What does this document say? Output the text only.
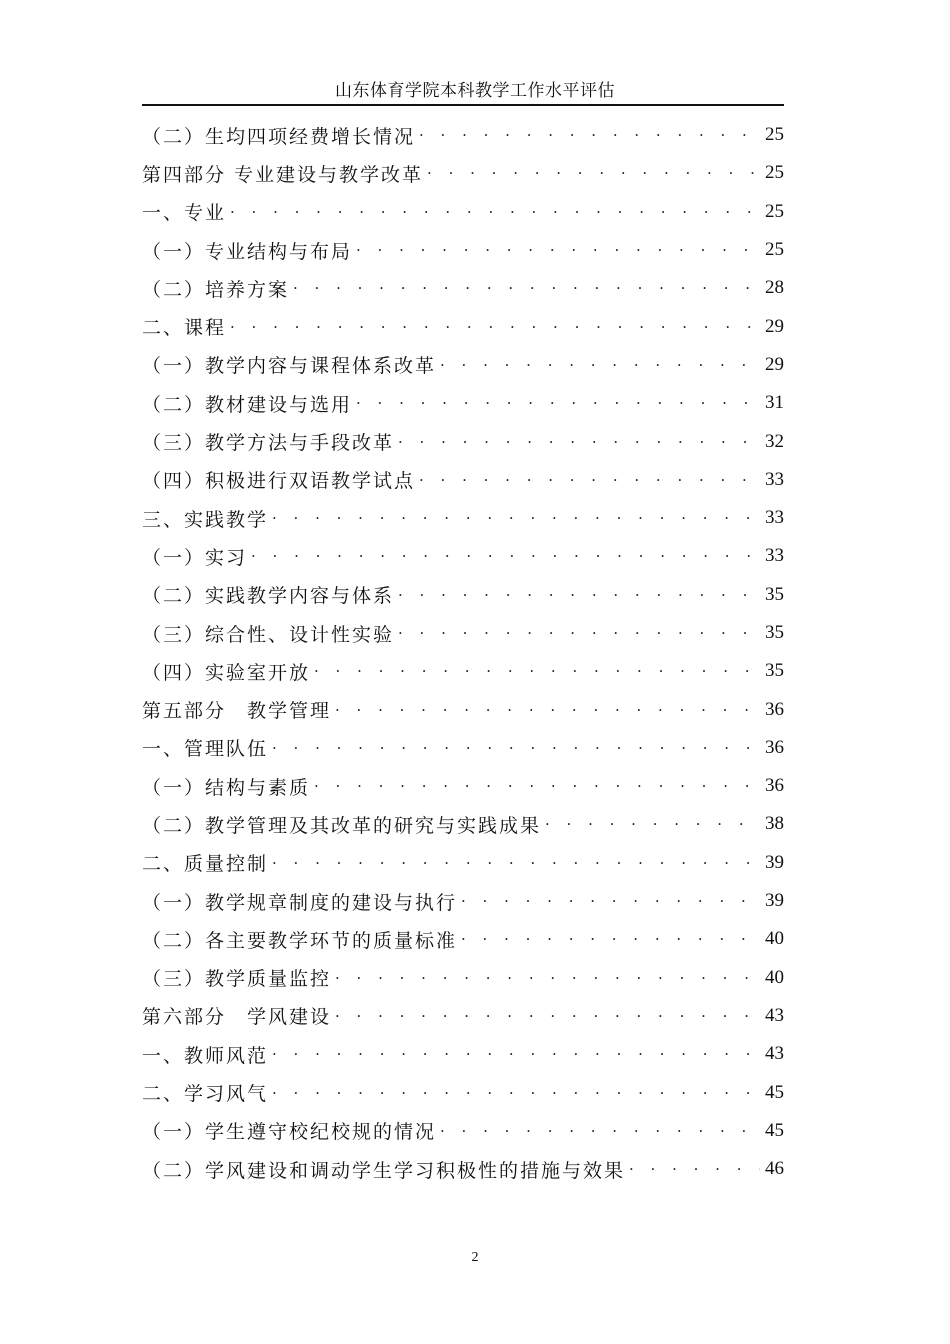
山东体育学院本科教学工作水平评估
（二）生均四项经费增长情况 · · ·	25
第四部分 专业建设与教学改革 · · ·	25
一、专业 · · ·	25
（一）专业结构与布局 · · ·	25
（二）培养方案 · · ·	28
二、课程 · · ·	29
（一）教学内容与课程体系改革 · · ·	29
（二）教材建设与选用 · · ·	31
（三）教学方法与手段改革 · · ·	32
（四）积极进行双语教学试点 · · ·	33
三、实践教学 · · ·	33
（一）实习 · · ·	33
（二）实践教学内容与体系 · · ·	35
（三）综合性、设计性实验 · · ·	35
（四）实验室开放 · · ·	35
第五部分　教学管理 · · ·	36
一、管理队伍 · · ·	36
（一）结构与素质 · · ·	36
（二）教学管理及其改革的研究与实践成果 · · ·	38
二、质量控制 · · ·	39
（一）教学规章制度的建设与执行 · · ·	39
（二）各主要教学环节的质量标准 · · ·	40
（三）教学质量监控 · · ·	40
第六部分　学风建设 · · ·	43
一、教师风范 · · ·	43
二、学习风气 · · ·	45
（一）学生遵守校纪校规的情况 · · ·	45
（二）学风建设和调动学生学习积极性的措施与效果 · · ·	46
2
